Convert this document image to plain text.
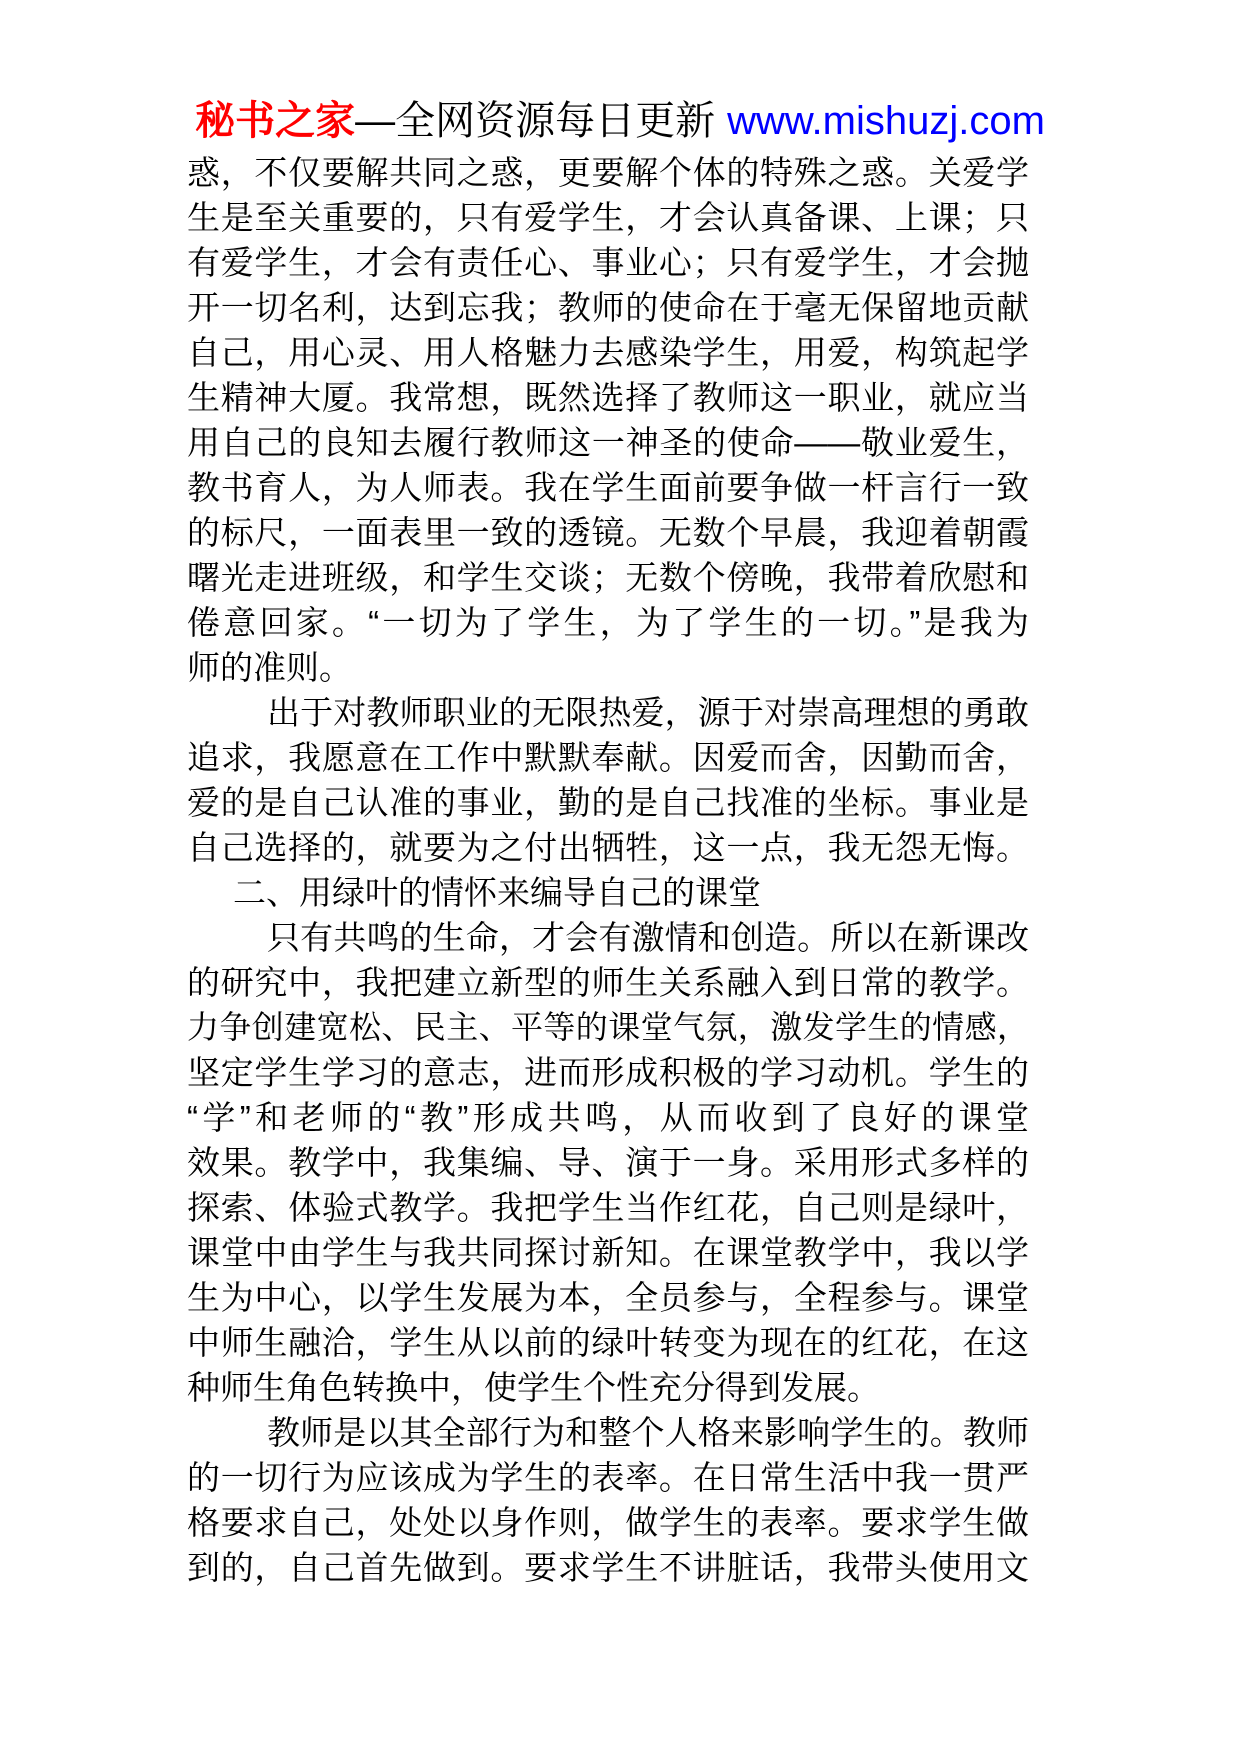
秘书之家—全网资源每日更新 www.mishuzj.com
惑，不仅要解共同之惑，更要解个体的特殊之惑。关爱学
生是至关重要的，只有爱学生，才会认真备课、上课；只
有爱学生，才会有责任心、事业心；只有爱学生，才会抛
开一切名利，达到忘我；教师的使命在于毫无保留地贡献
自己，用心灵、用人格魅力去感染学生，用爱，构筑起学
生精神大厦。我常想，既然选择了教师这一职业，就应当
用自己的良知去履行教师这一神圣的使命——敬业爱生，
教书育人，为人师表。我在学生面前要争做一杆言行一致
的标尺，一面表里一致的透镜。无数个早晨，我迎着朝霞
曙光走进班级，和学生交谈；无数个傍晚，我带着欣慰和
倦意回家。“一切为了学生，为了学生的一切。”是我为
师的准则。
出于对教师职业的无限热爱，源于对崇高理想的勇敢
追求，我愿意在工作中默默奉献。因爱而舍，因勤而舍，
爱的是自己认准的事业，勤的是自己找准的坐标。事业是
自己选择的，就要为之付出牺牲，这一点，我无怨无悔。
二、用绿叶的情怀来编导自己的课堂
只有共鸣的生命，才会有激情和创造。所以在新课改
的研究中，我把建立新型的师生关系融入到日常的教学。
力争创建宽松、民主、平等的课堂气氛，激发学生的情感，
坚定学生学习的意志，进而形成积极的学习动机。学生的
“学”和老师的“教”形成共鸣，从而收到了良好的课堂
效果。教学中，我集编、导、演于一身。采用形式多样的
探索、体验式教学。我把学生当作红花，自己则是绿叶，
课堂中由学生与我共同探讨新知。在课堂教学中，我以学
生为中心，以学生发展为本，全员参与，全程参与。课堂
中师生融洽，学生从以前的绿叶转变为现在的红花，在这
种师生角色转换中，使学生个性充分得到发展。
教师是以其全部行为和整个人格来影响学生的。教师
的一切行为应该成为学生的表率。在日常生活中我一贯严
格要求自己，处处以身作则，做学生的表率。要求学生做
到的，自己首先做到。要求学生不讲脏话，我带头使用文
